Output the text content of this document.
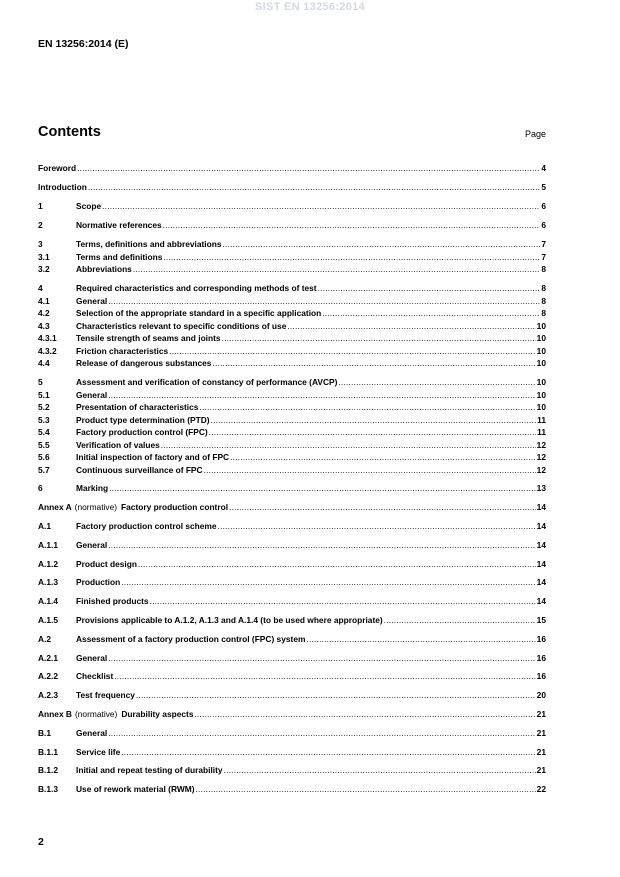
SIST EN 13256:2014
EN 13256:2014 (E)
Contents	Page
Foreword .....	4
Introduction .....	5
1	Scope .....	6
2	Normative references .....	6
3	Terms, definitions and abbreviations .....	7
3.1	Terms and definitions .....	7
3.2	Abbreviations .....	8
4	Required characteristics and corresponding methods of test .....	8
4.1	General .....	8
4.2	Selection of the appropriate standard in a specific application .....	8
4.3	Characteristics relevant to specific conditions of use .....	10
4.3.1	Tensile strength of seams and joints .....	10
4.3.2	Friction characteristics .....	10
4.4	Release of dangerous substances .....	10
5	Assessment and verification of constancy of performance (AVCP) .....	10
5.1	General .....	10
5.2	Presentation of characteristics .....	10
5.3	Product type determination (PTD) .....	11
5.4	Factory production control (FPC) .....	11
5.5	Verification of values .....	12
5.6	Initial inspection of factory and of FPC .....	12
5.7	Continuous surveillance of FPC .....	12
6	Marking .....	13
Annex A (normative) Factory production control .....	14
A.1	Factory production control scheme .....	14
A.1.1	General .....	14
A.1.2	Product design .....	14
A.1.3	Production .....	14
A.1.4	Finished products .....	14
A.1.5	Provisions applicable to A.1.2, A.1.3 and A.1.4 (to be used where appropriate) .....	15
A.2	Assessment of a factory production control (FPC) system .....	16
A.2.1	General .....	16
A.2.2	Checklist .....	16
A.2.3	Test frequency .....	20
Annex B (normative) Durability aspects .....	21
B.1	General .....	21
B.1.1	Service life .....	21
B.1.2	Initial and repeat testing of durability .....	21
B.1.3	Use of rework material (RWM) .....	22
2
